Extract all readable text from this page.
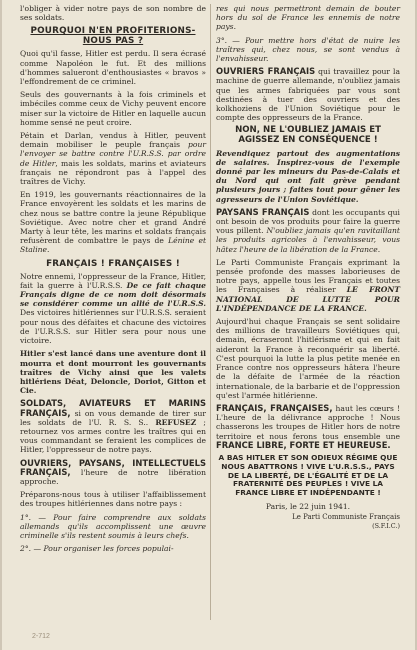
l'obliger à vider notre pays de son nombre de ses soldats.

POURQUOI N'EN PROFITERIONS-NOUS PAS ?

Quoi qu'il fasse, Hitler est perdu. Il sera écrasé comme Napoléon le fut. Et des millions d'hommes salueront d'enthousiastes « bravos » l'effondrement de ce criminel.

Seuls des gouvernants à la fois criminels et imbéciles comme ceux de Vichy peuvent encore miser sur la victoire de Hitler en laquelle aucun homme sensé ne peut croire.

Pétain et Darlan, vendus à Hitler, peuvent demain mobiliser le peuple français pour l'envoyer se battre contre l'U.R.S.S. par ordre de Hitler, mais les soldats, marins et aviateurs français ne répondront pas à l'appel des traîtres de Vichy.

En 1919, les gouvernants réactionnaires de la France envoyèrent les soldats et les marins de chez nous se battre contre la jeune République Soviétique. Avec notre cher et grand André Marty à leur tête, les marins et soldats français refusèrent de combattre le pays de Lénine et Staline.

FRANÇAIS ! FRANÇAISES !

Notre ennemi, l'oppresseur de la France, Hitler, fait la guerre à l'U.R.S.S. De ce fait chaque Français digne de ce nom doit désormais se considérer comme un allié de l'U.R.S.S. Des victoires hitlériennes sur l'U.R.S.S. seraient pour nous des défaites et chacune des victoires de l'U.R.S.S. sur Hitler sera pour nous une victoire.

Hitler s'est lancé dans une aventure dont il mourra et dont mourront les gouvernants traîtres de Vichy ainsi que les valets hitlériens Déat, Deloncle, Doriot, Gitton et Cie.

SOLDATS, AVIATEURS ET MARINS FRANÇAIS, si on vous demande de tirer sur les soldats de l'U. R. S. S.. REFUSEZ ; retournez vos armes contre les traîtres qui en vous commandant se feraient les complices de Hitler, l'oppresseur de notre pays.

OUVRIERS, PAYSANS, INTELLECTUELS FRANÇAIS, l'heure de notre libération approche.

Préparons-nous tous à utiliser l'affaiblissement des troupes hitlériennes dans notre pays :

1°. — Pour faire comprendre aux soldats allemands qu'ils accomplissent une œuvre criminelle s'ils restent soumis à leurs chefs.

2°. — Pour organiser les forces populai-

res qui nous permettront demain de bouter hors du sol de France les ennemis de notre pays.

3°. — Pour mettre hors d'état de nuire les traîtres qui, chez nous, se sont vendus à l'envahisseur.

OUVRIERS FRANÇAIS qui travaillez pour la machine de guerre allemande, n'oubliez jamais que les armes fabriquées par vous sont destinées à tuer des ouvriers et des kolkhoziens de l'Union Soviétique pour le compte des oppresseurs de la France.

NON, NE L'OUBLIEZ JAMAIS ET AGISSEZ EN CONSÉQUENCE !

Revendiquez partout des augmentations de salaires. Inspirez-vous de l'exemple donné par les mineurs du Pas-de-Calais et du Nord qui ont fait grève pendant plusieurs jours ; faites tout pour gêner les agresseurs de l'Union Soviétique.

PAYSANS FRANÇAIS dont les occupants qui ont besoin de vos produits pour faire la guerre vous pillent. N'oubliez jamais qu'en ravitaillant les produits agricoles à l'envahisseur, vous hâtez l'heure de la libération de la France.

Le Parti Communiste Français exprimant la pensée profonde des masses laborieuses de notre pays, appelle tous les Français et toutes les Françaises à réaliser LE FRONT NATIONAL DE LUTTE POUR L'INDÉPENDANCE DE LA FRANCE.

Aujourd'hui chaque Français se sent solidaire des millions de travailleurs Soviétiques qui, demain, écraseront l'hitlérisme et qui en fait aideront la France à reconquérir sa liberté. C'est pourquoi la lutte la plus petite menée en France contre nos oppresseurs hâtera l'heure de la défaite de l'armée de la réaction internationale, de la barbarie et de l'oppression qu'est l'armée hitlérienne.

FRANÇAIS, FRANÇAISES, haut les cœurs ! L'heure de la délivrance approche ! Nous chasserons les troupes de Hitler hors de notre territoire et nous ferons tous ensemble une FRANCE LIBRE, FORTE ET HEUREUSE.

A BAS HITLER ET SON ODIEUX RÉGIME QUE NOUS ABATTRONS ! VIVE L'U.R.S.S., PAYS DE LA LIBERTÉ, DE L'ÉGALITÉ ET DE LA FRATERNITÉ DES PEUPLES ! VIVE LA FRANCE LIBRE ET INDÉPENDANTE !
Paris, le 22 juin 1941.
Le Parti Communiste Français
(S.F.I.C.)
2-712
